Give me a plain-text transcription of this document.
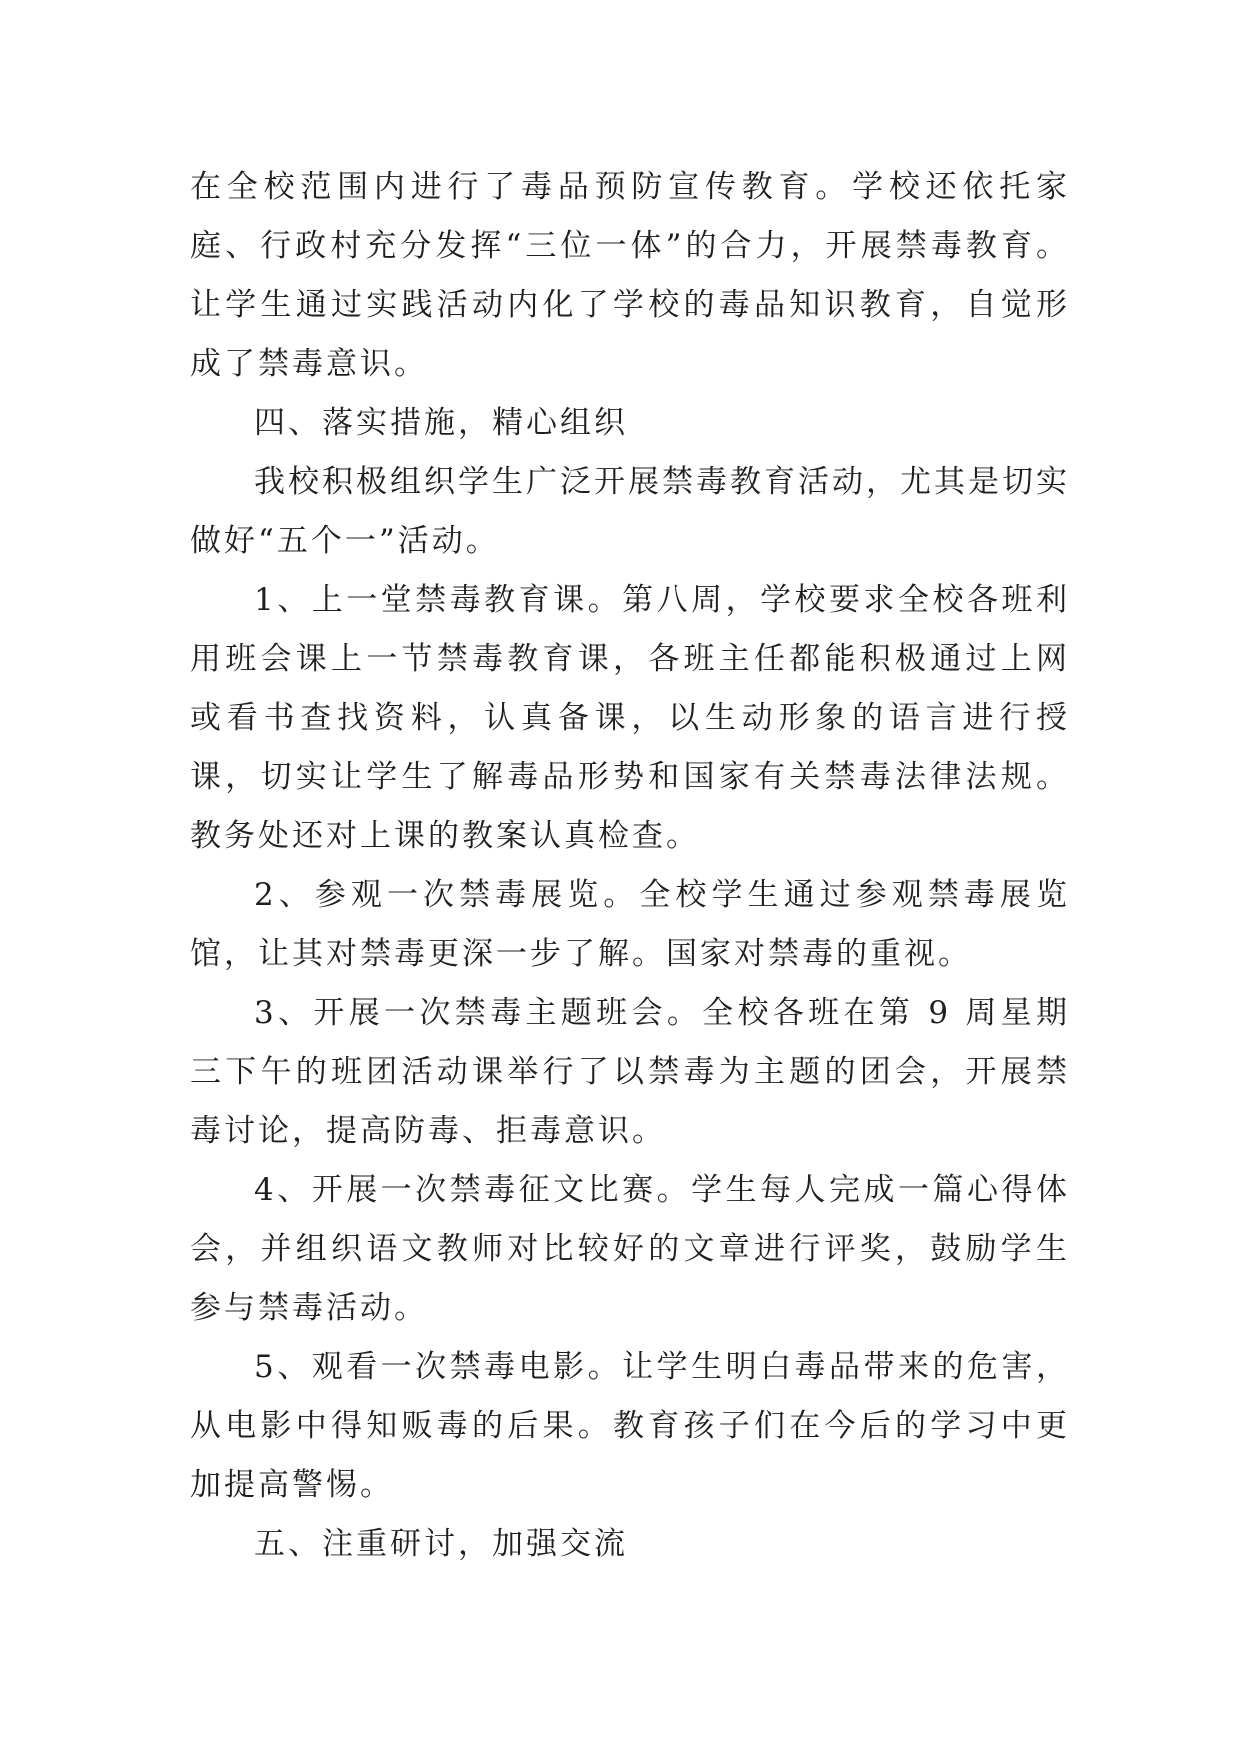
在全校范围内进行了毒品预防宣传教育。学校还依托家庭、行政村充分发挥“三位一体”的合力，开展禁毒教育。让学生通过实践活动内化了学校的毒品知识教育，自觉形成了禁毒意识。

四、落实措施，精心组织

我校积极组织学生广泛开展禁毒教育活动，尤其是切实做好“五个一”活动。

1、上一堂禁毒教育课。第八周，学校要求全校各班利用班会课上一节禁毒教育课，各班主任都能积极通过上网或看书查找资料，认真备课，以生动形象的语言进行授课，切实让学生了解毒品形势和国家有关禁毒法律法规。教务处还对上课的教案认真检查。

2、参观一次禁毒展览。全校学生通过参观禁毒展览馆，让其对禁毒更深一步了解。国家对禁毒的重视。

3、开展一次禁毒主题班会。全校各班在第 9 周星期三下午的班团活动课举行了以禁毒为主题的团会，开展禁毒讨论，提高防毒、拒毒意识。

4、开展一次禁毒征文比赛。学生每人完成一篇心得体会，并组织语文教师对比较好的文章进行评奖，鼓励学生参与禁毒活动。

5、观看一次禁毒电影。让学生明白毒品带来的危害，从电影中得知贩毒的后果。教育孩子们在今后的学习中更加提高警惕。

五、注重研讨，加强交流
